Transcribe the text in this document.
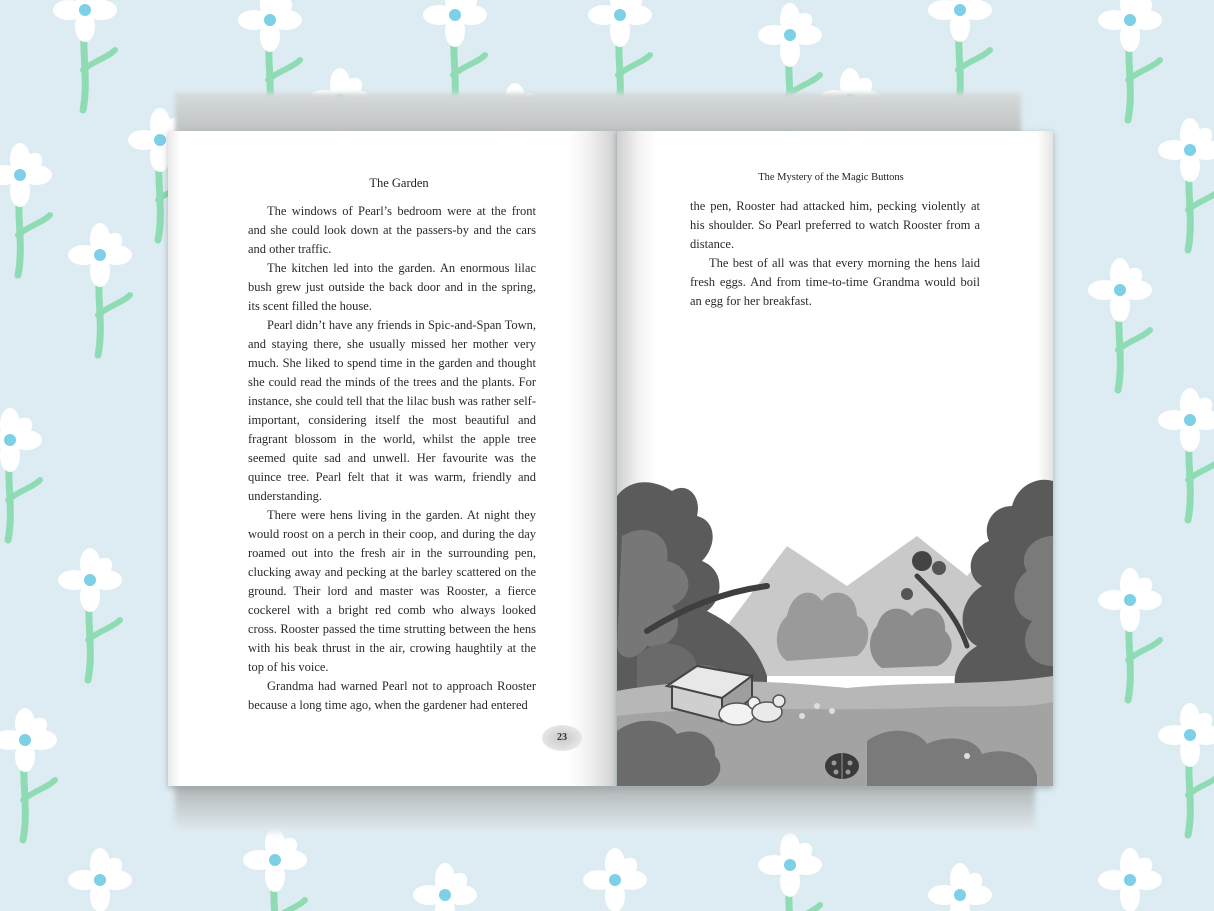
The Garden

The windows of Pearl’s bedroom were at the front and she could look down at the passers-by and the cars and other traffic.

The kitchen led into the garden. An enormous lilac bush grew just outside the back door and in the spring, its scent filled the house.

Pearl didn’t have any friends in Spic-and-Span Town, and staying there, she usually missed her mother very much. She liked to spend time in the garden and thought she could read the minds of the trees and the plants. For instance, she could tell that the lilac bush was rather self-important, considering itself the most beautiful and fragrant blossom in the world, whilst the apple tree seemed quite sad and unwell. Her favourite was the quince tree. Pearl felt that it was warm, friendly and understanding.

There were hens living in the garden. At night they would roost on a perch in their coop, and during the day roamed out into the fresh air in the surrounding pen, clucking away and pecking at the barley scattered on the ground. Their lord and master was Rooster, a fierce cockerel with a bright red comb who always looked cross. Rooster passed the time strutting between the hens with his beak thrust in the air, crowing haughtily at the top of his voice.

Grandma had warned Pearl not to approach Rooster because a long time ago, when the gardener had entered

23
The Mystery of the Magic Buttons

the pen, Rooster had attacked him, pecking violently at his shoulder. So Pearl preferred to watch Rooster from a distance.

The best of all was that every morning the hens laid fresh eggs. And from time-to-time Grandma would boil an egg for her breakfast.
